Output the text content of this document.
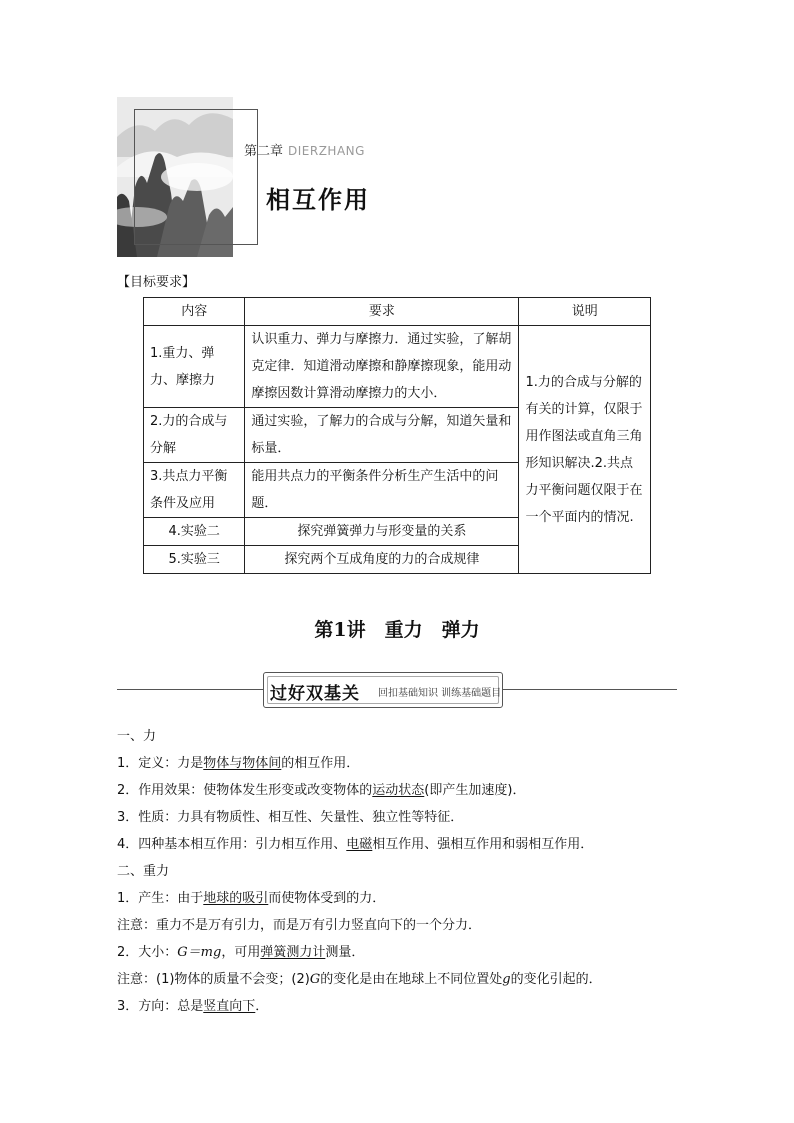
第二章 DIERZHANG
相互作用
【目标要求】
内容	要求	说明
1.重力、弹力、摩擦力	认识重力、弹力与摩擦力．通过实验，了解胡克定律．知道滑动摩擦和静摩擦现象，能用动摩擦因数计算滑动摩擦力的大小．	1.力的合成与分解的有关的计算，仅限于用作图法或直角三角形知识解决.2.共点力平衡问题仅限于在一个平面内的情况.
2.力的合成与分解	通过实验，了解力的合成与分解，知道矢量和标量．	
3.共点力平衡条件及应用	能用共点力的平衡条件分析生产生活中的问题．	
4.实验二	探究弹簧弹力与形变量的关系	
5.实验三	探究两个互成角度的力的合成规律	
第1讲　重力　弹力
过好双基关 回扣基础知识 训练基础题目
一、力
1．定义：力是物体与物体间的相互作用．
2．作用效果：使物体发生形变或改变物体的运动状态(即产生加速度)．
3．性质：力具有物质性、相互性、矢量性、独立性等特征．
4．四种基本相互作用：引力相互作用、电磁相互作用、强相互作用和弱相互作用．
二、重力
1．产生：由于地球的吸引而使物体受到的力．
注意：重力不是万有引力，而是万有引力竖直向下的一个分力．
2．大小：G＝mg，可用弹簧测力计测量．
注意：(1)物体的质量不会变；(2)G的变化是由在地球上不同位置处g的变化引起的．
3．方向：总是竖直向下．
